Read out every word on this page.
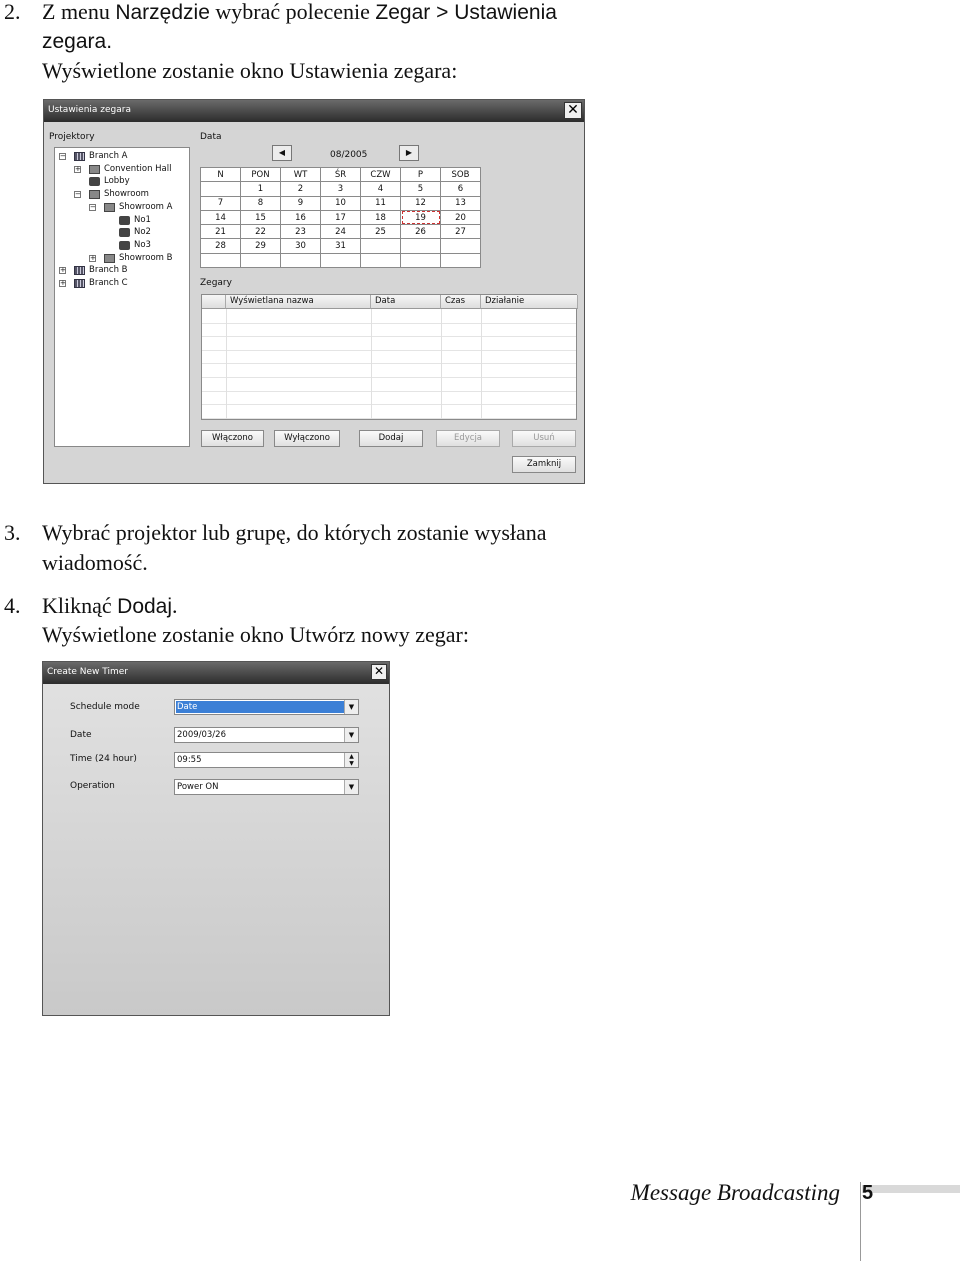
2. Z menu Narzędzie wybrać polecenie Zegar > Ustawienia
zegara.
Wyświetlone zostanie okno Ustawienia zegara:
Ustawienia zegara	✕
Projektory
−	Branch A
+	Convention Hall
Lobby
−	Showroom
−	Showroom A
No1
No2
No3
+	Showroom B
+	Branch B
+	Branch C
Data
◀	08/2005	▶
N	PON	WT	ŚR	CZW	P	SOB
	1	2	3	4	5	6
7	8	9	10	11	12	13
14	15	16	17	18	19	20
21	22	23	24	25	26	27
28	29	30	31			

Zegary
Wyświetlana nazwa	Data	Czas	Działanie
Włączono	Wyłączono	Dodaj	Edycja	Usuń
Zamknij
3. Wybrać projektor lub grupę, do których zostanie wysłana
wiadomość.
4. Kliknąć Dodaj.
Wyświetlone zostanie okno Utwórz nowy zegar:
Create New Timer	✕
Schedule mode	Date	▼
Date	2009/03/26	▼
Time (24 hour)	09:55	▲
▼
Operation	Power ON	▼
Message Broadcasting 5
